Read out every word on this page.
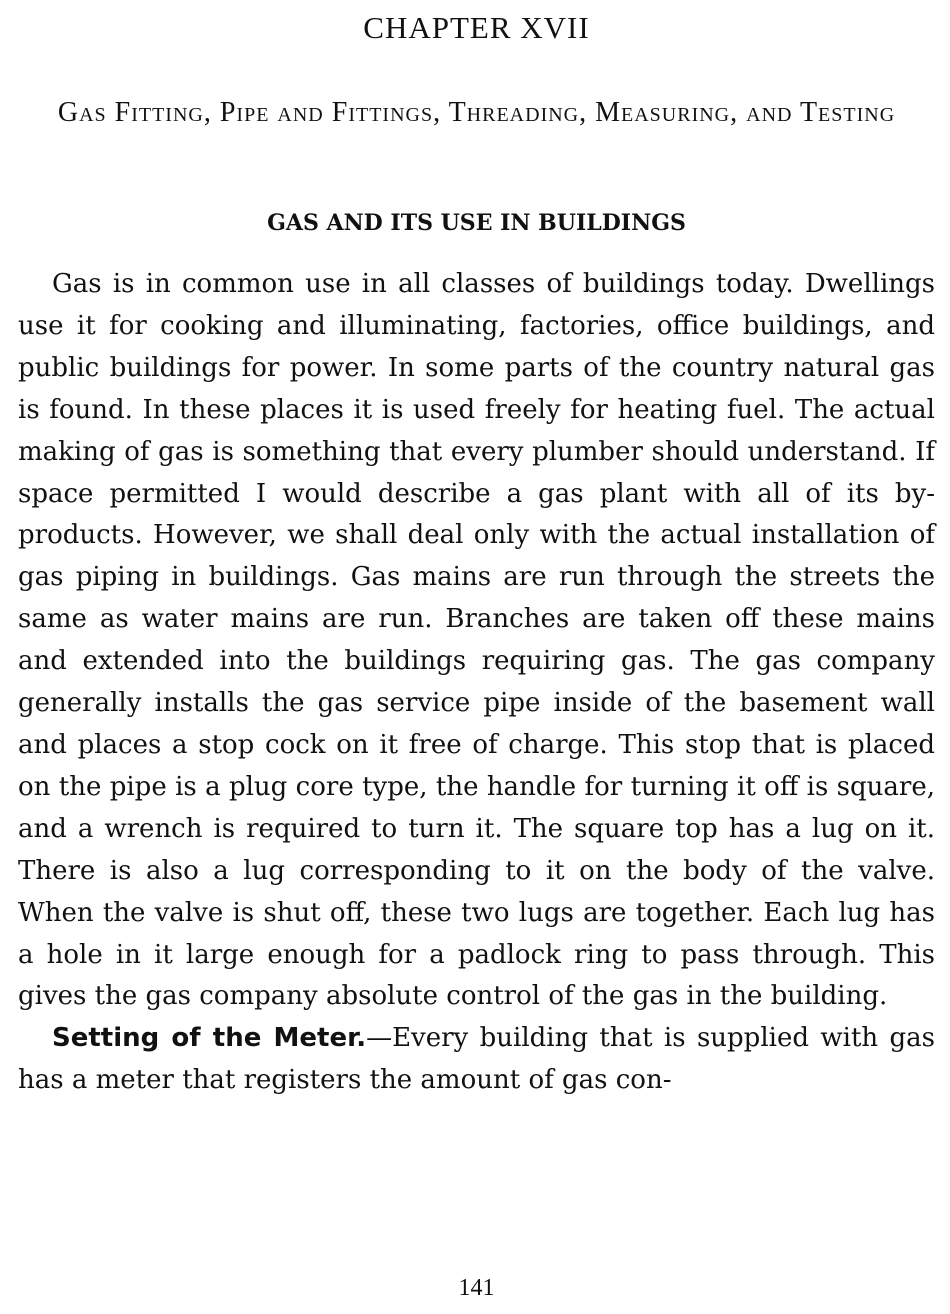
CHAPTER XVII
Gas Fitting, Pipe and Fittings, Threading, Measuring, and Testing
GAS AND ITS USE IN BUILDINGS

Gas is in common use in all classes of buildings today. Dwellings use it for cooking and illuminating, factories, office buildings, and public buildings for power. In some parts of the country natural gas is found. In these places it is used freely for heating fuel. The actual making of gas is something that every plumber should understand. If space permitted I would describe a gas plant with all of its by-products. However, we shall deal only with the actual installation of gas piping in buildings. Gas mains are run through the streets the same as water mains are run. Branches are taken off these mains and extended into the buildings requiring gas. The gas company generally installs the gas service pipe inside of the basement wall and places a stop cock on it free of charge. This stop that is placed on the pipe is a plug core type, the handle for turning it off is square, and a wrench is required to turn it. The square top has a lug on it. There is also a lug corresponding to it on the body of the valve. When the valve is shut off, these two lugs are together. Each lug has a hole in it large enough for a padlock ring to pass through. This gives the gas company absolute control of the gas in the building.

Setting of the Meter.—Every building that is supplied with gas has a meter that registers the amount of gas con-

141
